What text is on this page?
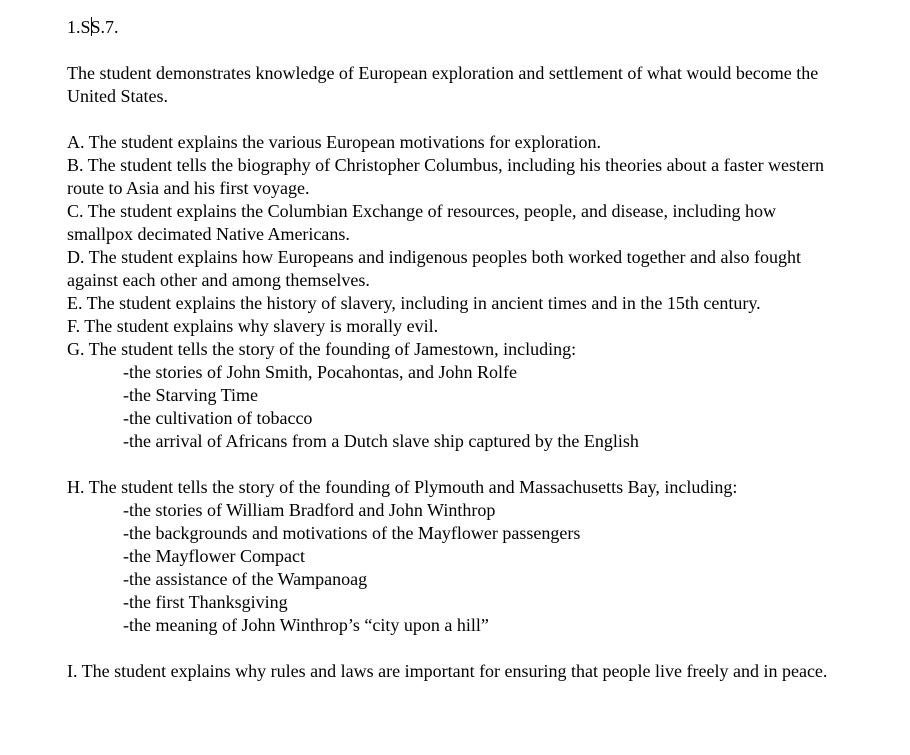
1.SS.7.

The student demonstrates knowledge of European exploration and settlement of what would become the United States.

A. The student explains the various European motivations for exploration.
B. The student tells the biography of Christopher Columbus, including his theories about a faster western route to Asia and his first voyage.
C. The student explains the Columbian Exchange of resources, people, and disease, including how smallpox decimated Native Americans.
D. The student explains how Europeans and indigenous peoples both worked together and also fought against each other and among themselves.
E. The student explains the history of slavery, including in ancient times and in the 15th century.
F. The student explains why slavery is morally evil.
G. The student tells the story of the founding of Jamestown, including:
-the stories of John Smith, Pocahontas, and John Rolfe
-the Starving Time
-the cultivation of tobacco
-the arrival of Africans from a Dutch slave ship captured by the English
H. The student tells the story of the founding of Plymouth and Massachusetts Bay, including:
-the stories of William Bradford and John Winthrop
-the backgrounds and motivations of the Mayflower passengers
-the Mayflower Compact
-the assistance of the Wampanoag
-the first Thanksgiving
-the meaning of John Winthrop’s “city upon a hill”
I. The student explains why rules and laws are important for ensuring that people live freely and in peace.
